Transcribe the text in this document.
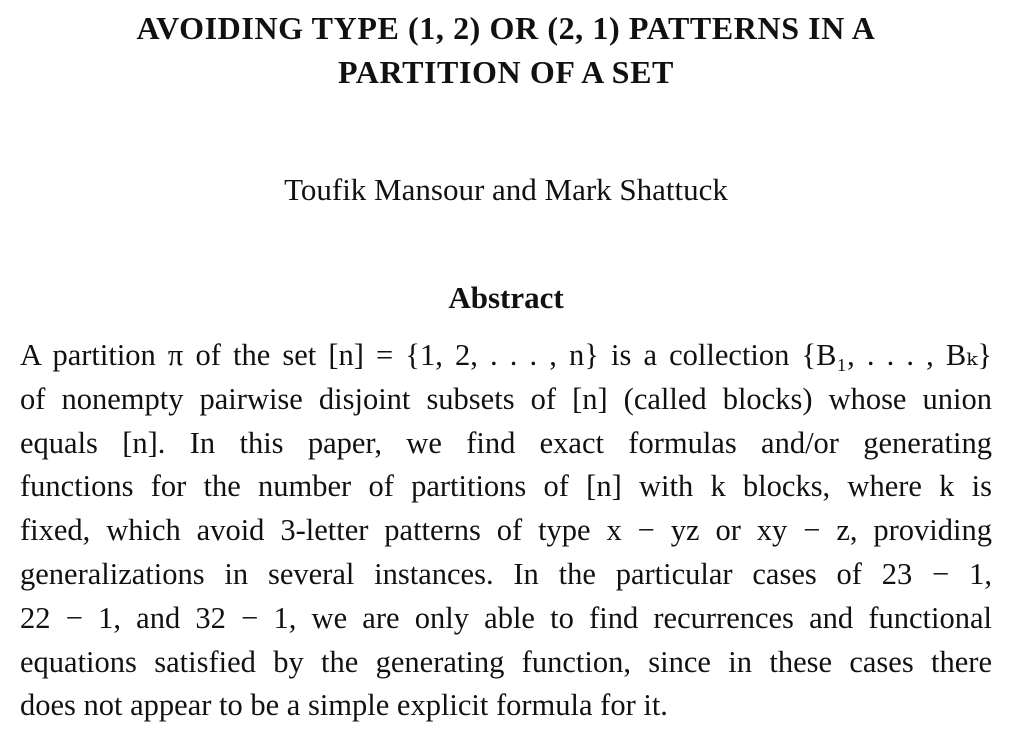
AVOIDING TYPE (1, 2) OR (2, 1) PATTERNS IN A
PARTITION OF A SET
Toufik Mansour and Mark Shattuck
Abstract
A partition π of the set [n] = {1, 2, . . . , n} is a collection {B₁, . . . , Bₖ}
of nonempty pairwise disjoint subsets of [n] (called blocks) whose union
equals [n]. In this paper, we find exact formulas and/or generating
functions for the number of partitions of [n] with k blocks, where k is
fixed, which avoid 3-letter patterns of type x − yz or xy − z, providing
generalizations in several instances. In the particular cases of 23 − 1,
22 − 1, and 32 − 1, we are only able to find recurrences and functional
equations satisfied by the generating function, since in these cases there
does not appear to be a simple explicit formula for it.
